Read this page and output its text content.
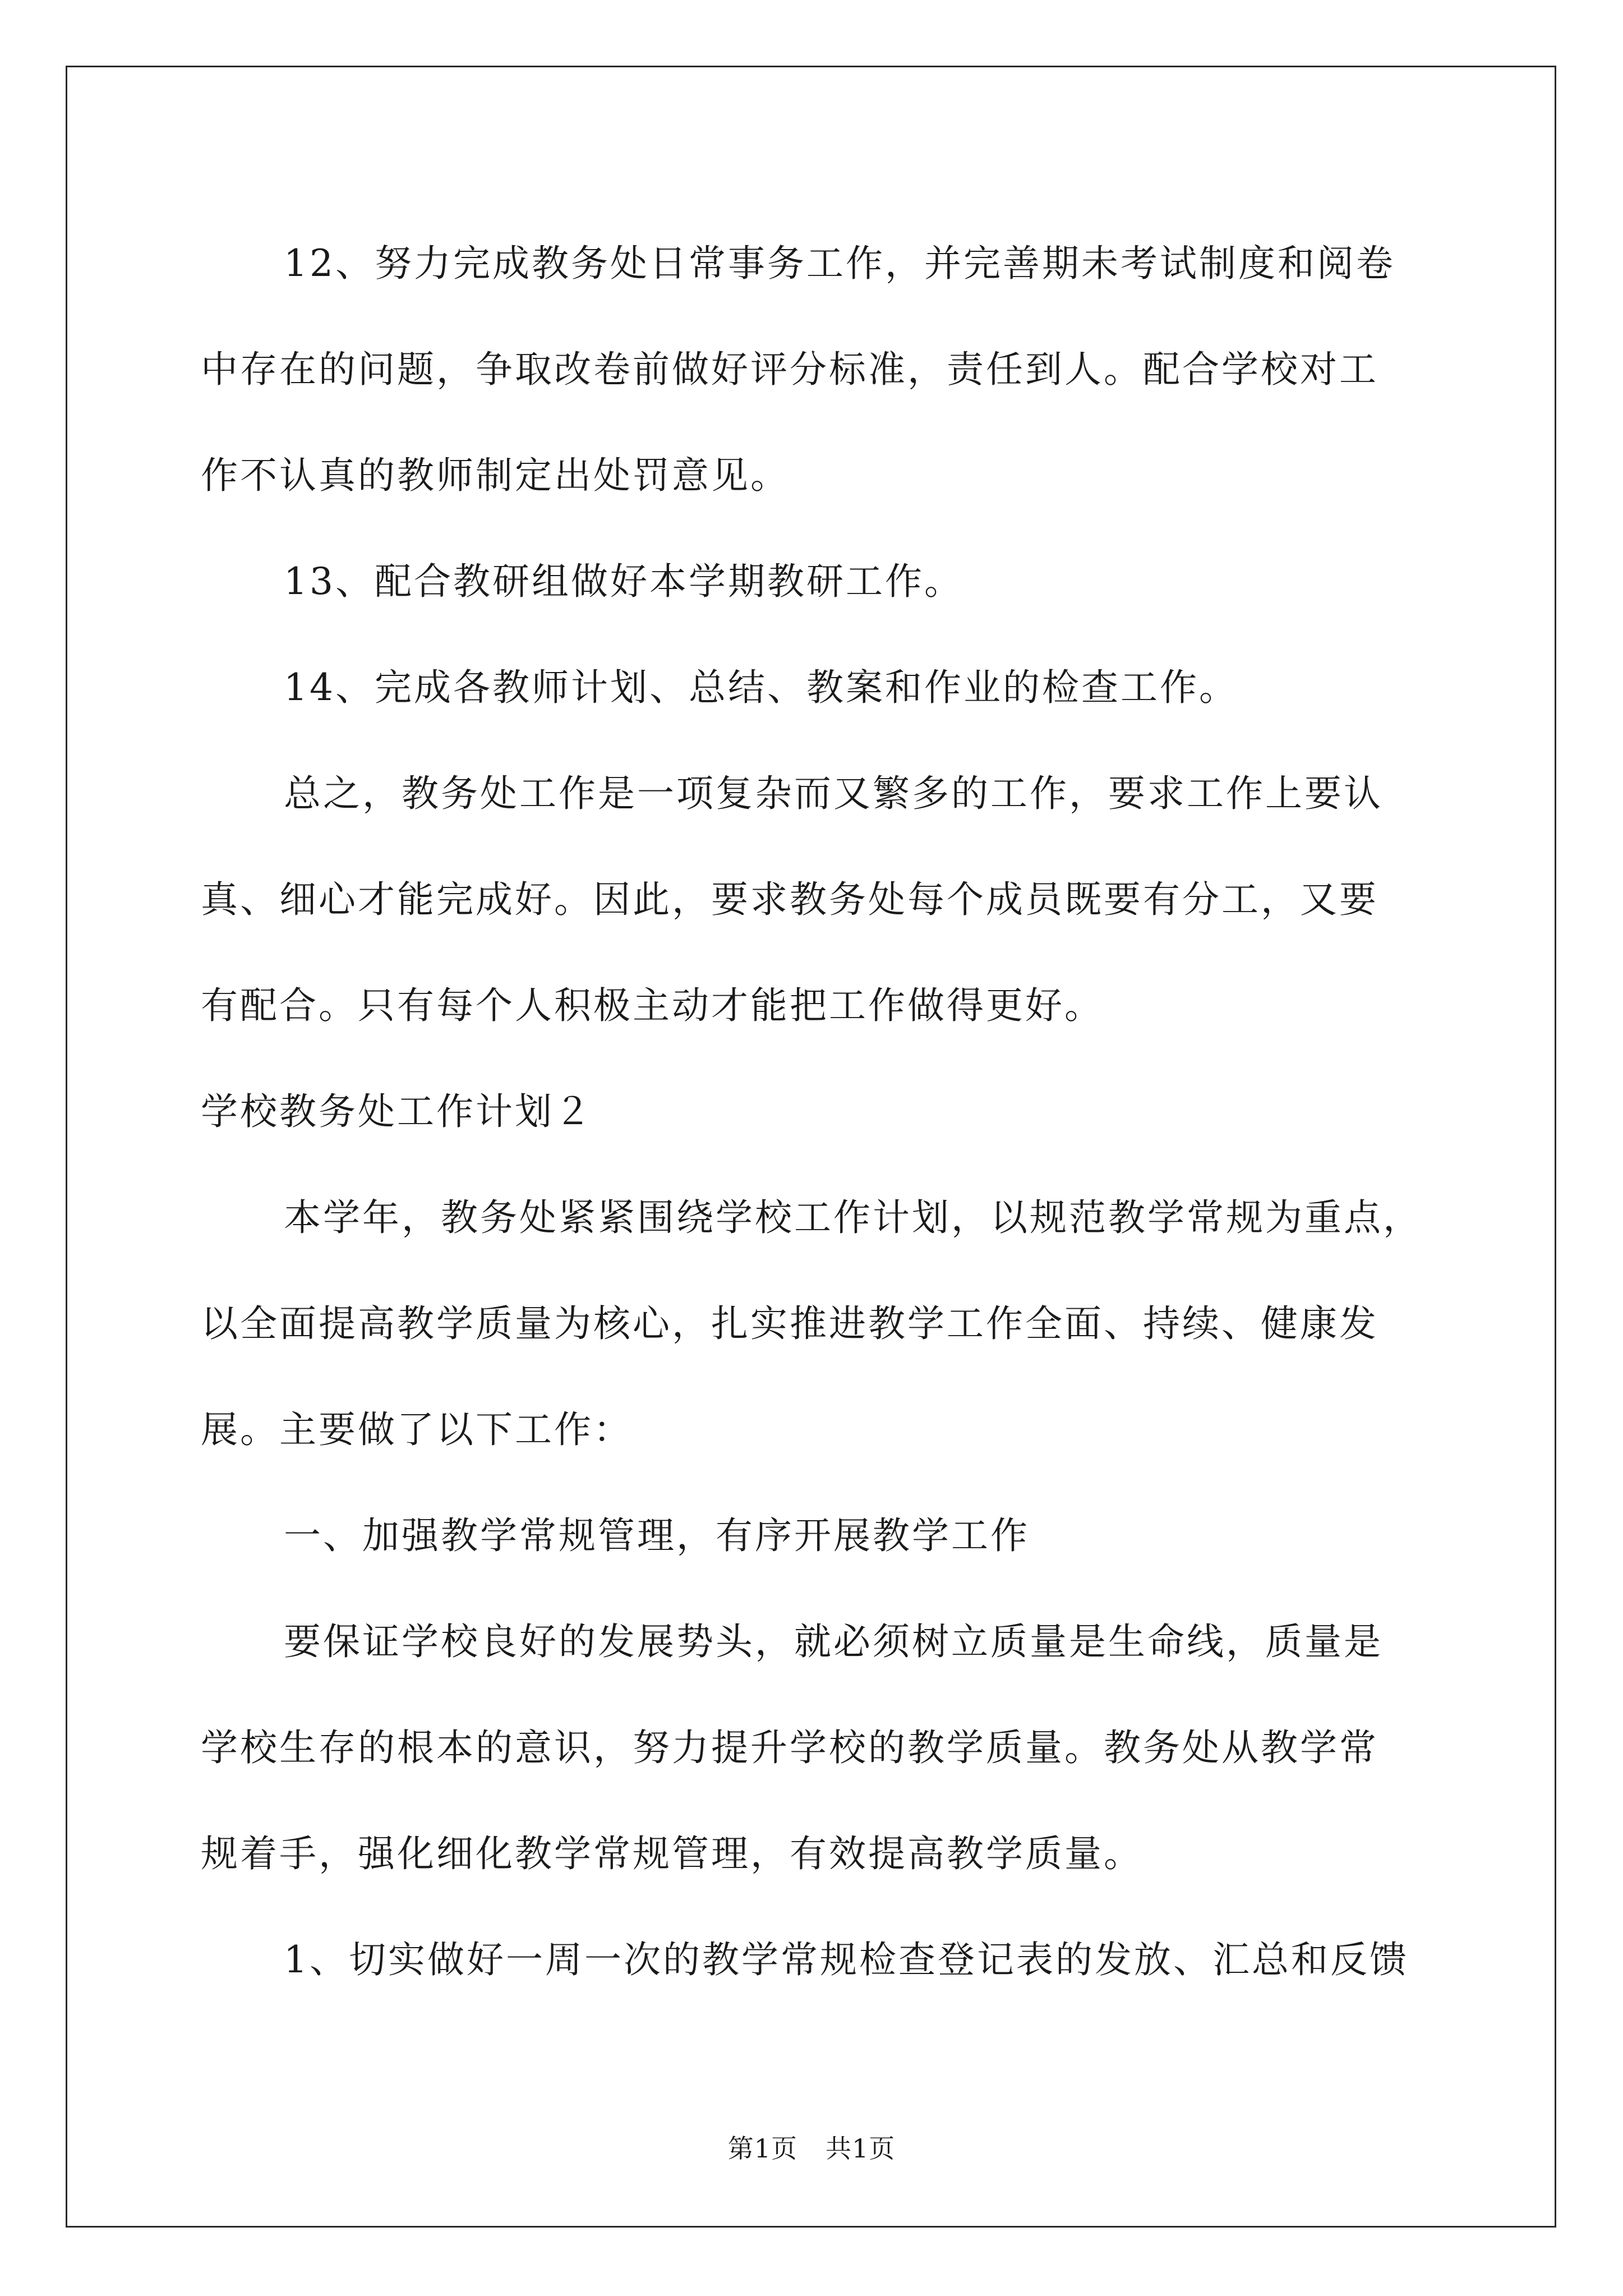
12、努力完成教务处日常事务工作，并完善期未考试制度和阅卷

中存在的问题，争取改卷前做好评分标准，责任到人。配合学校对工

作不认真的教师制定出处罚意见。

13、配合教研组做好本学期教研工作。

14、完成各教师计划、总结、教案和作业的检查工作。

总之，教务处工作是一项复杂而又繁多的工作，要求工作上要认

真、细心才能完成好。因此，要求教务处每个成员既要有分工，又要

有配合。只有每个人积极主动才能把工作做得更好。

学校教务处工作计划２

本学年，教务处紧紧围绕学校工作计划，以规范教学常规为重点，

以全面提高教学质量为核心，扎实推进教学工作全面、持续、健康发

展。主要做了以下工作：

一、加强教学常规管理，有序开展教学工作

要保证学校良好的发展势头，就必须树立质量是生命线，质量是

学校生存的根本的意识，努力提升学校的教学质量。教务处从教学常

规着手，强化细化教学常规管理，有效提高教学质量。

1、切实做好一周一次的教学常规检查登记表的发放、汇总和反馈

第1页 共1页
